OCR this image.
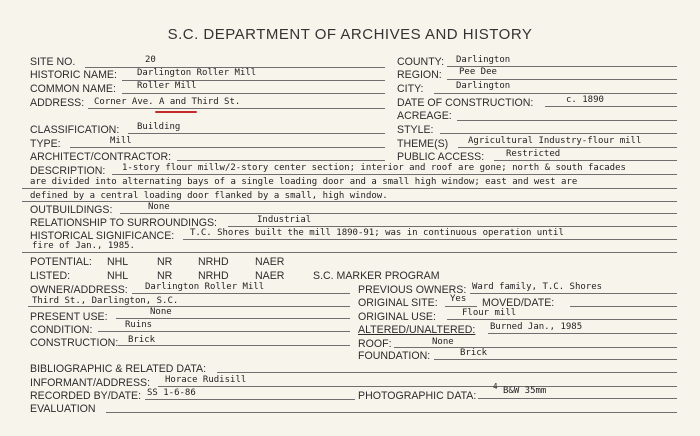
S.C. DEPARTMENT OF ARCHIVES AND HISTORY
SITE NO.	20
HISTORIC NAME: Darlington Roller Mill
COMMON NAME: Roller Mill
ADDRESS: Corner Ave. A and Third St.
COUNTY: Darlington
REGION: Pee Dee
CITY:	Darlington
DATE OF CONSTRUCTION:	c. 1890
ACREAGE:
CLASSIFICATION: Building	STYLE:
TYPE:	Mill	THEME(S) Agricultural Industry-flour mill
ARCHITECT/CONTRACTOR:	PUBLIC ACCESS: Restricted
DESCRIPTION: 1-story flour millw/2-story center section; interior and roof are gone; north & south facades
are divided into alternating bays of a single loading door and a small high window; east and west are
defined by a central loading door flanked by a small, high window.
OUTBUILDINGS:	None
RELATIONSHIP TO SURROUNDINGS:	Industrial
HISTORICAL SIGNIFICANCE: T.C. Shores built the mill 1890-91; was in continuous operation until
fire of Jan., 1985.
POTENTIAL: NHL	NR NRHD NAER
LISTED:	NHL	NR NRHD NAER	S.C. MARKER PROGRAM
OWNER/ADDRESS: Darlington Roller Mill
Third St., Darlington, S.C.
PREVIOUS OWNERS: Ward family, T.C. Shores
ORIGINAL SITE: Yes MOVED/DATE:
PRESENT USE:	None	ORIGINAL USE:	Flour mill
CONDITION:	Ruins	ALTERED/UNALTERED: Burned Jan., 1985
CONSTRUCTION: Brick	ROOF:	None
FOUNDATION:	Brick
BIBLIOGRAPHIC & RELATED DATA:
INFORMANT/ADDRESS: Horace Rudisill
RECORDED BY/DATE: SS 1-6-86	PHOTOGRAPHIC DATA:
4 B&W 35mm
EVALUATION
